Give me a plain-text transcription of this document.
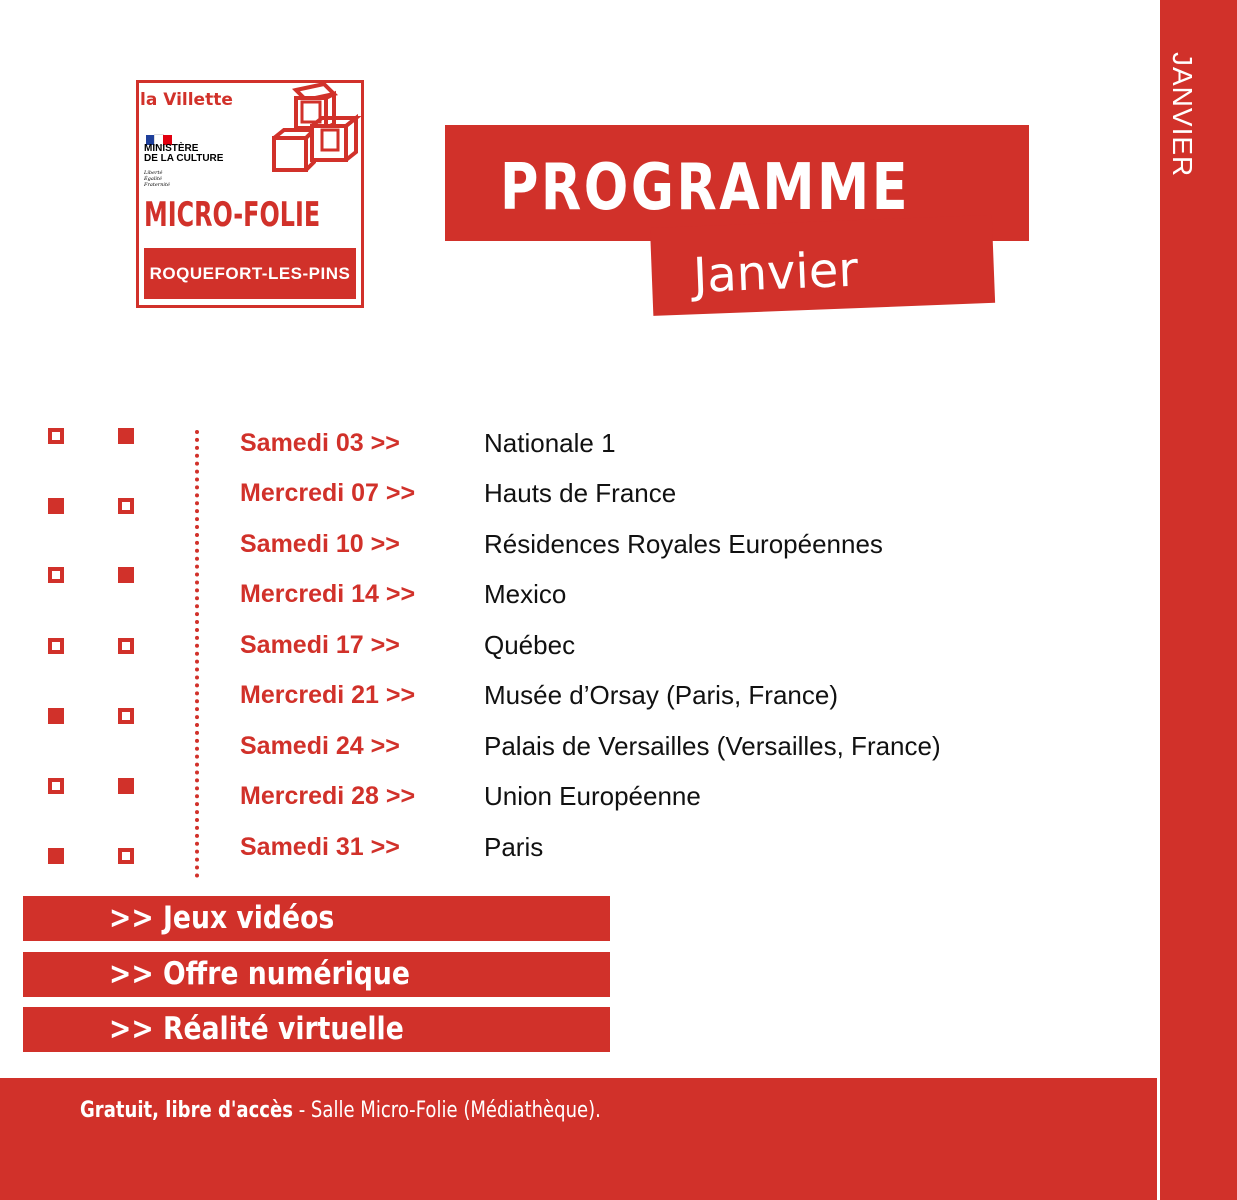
JANVIER
la Villette
MINISTÈRE
DE LA CULTURE
Liberté
Égalité
Fraternité
MICRO-FOLIE
ROQUEFORT-LES-PINS
PROGRAMME
Janvier
Samedi 03 >>	Nationale 1
Mercredi 07 >>	Hauts de France
Samedi 10 >>	Résidences Royales Européennes
Mercredi 14 >>	Mexico
Samedi 17 >>	Québec
Mercredi 21 >>	Musée d’Orsay (Paris, France)
Samedi 24 >>	Palais de Versailles (Versailles, France)
Mercredi 28 >>	Union Européenne
Samedi 31 >>	Paris
>> Jeux vidéos
>> Offre numérique
>> Réalité virtuelle
Gratuit, libre d'accès - Salle Micro-Folie (Médiathèque).
